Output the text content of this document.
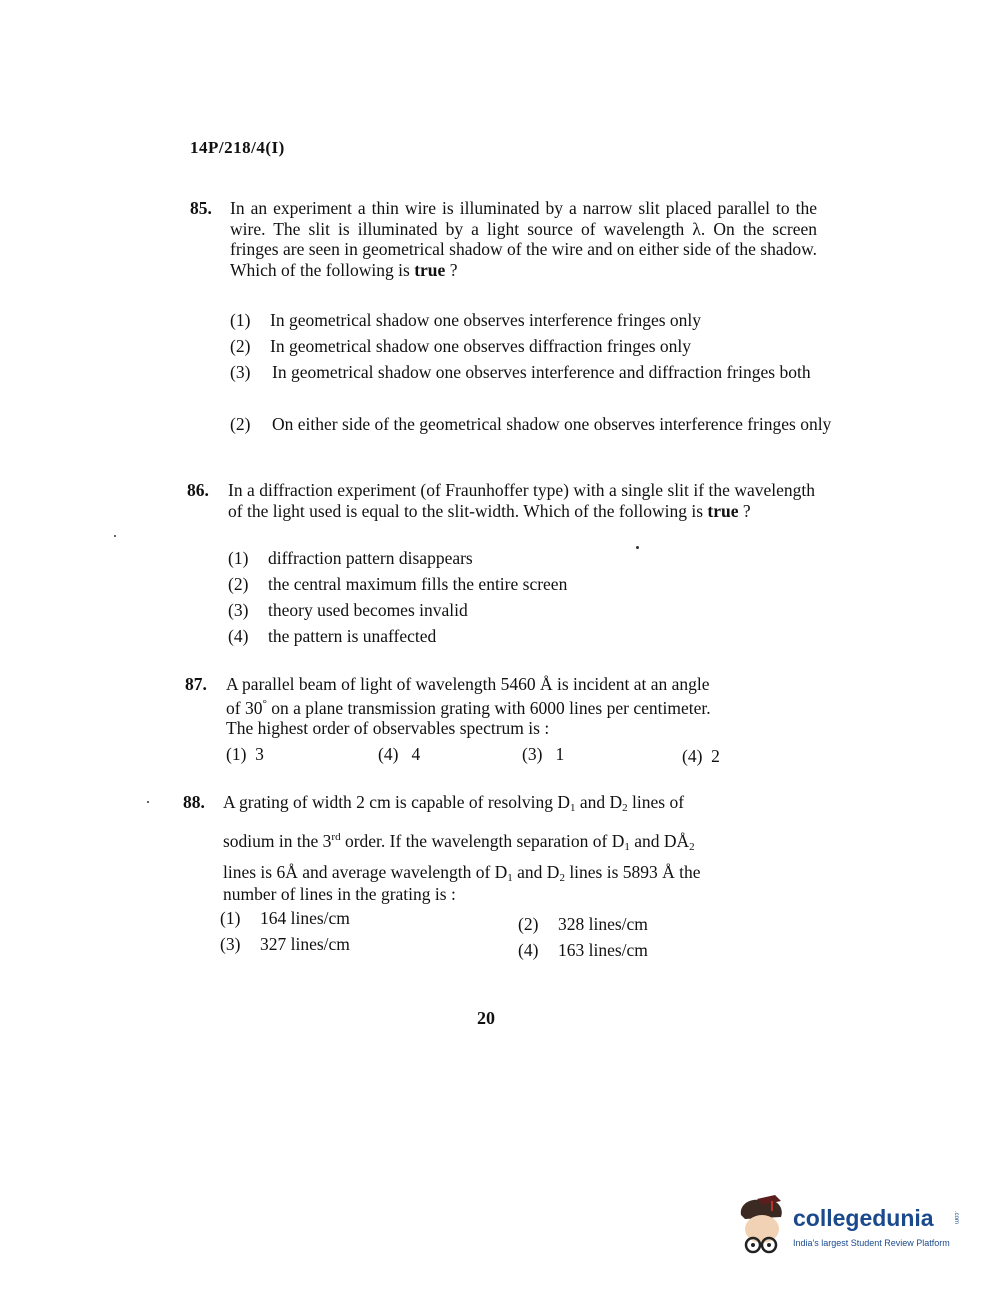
14P/218/4(I)
85. In an experiment a thin wire is illuminated by a narrow slit placed parallel to the wire. The slit is illuminated by a light source of wavelength λ. On the screen fringes are seen in geometrical shadow of the wire and on either side of the shadow. Which of the following is true ?
(1) In geometrical shadow one observes interference fringes only
(2) In geometrical shadow one observes diffraction fringes only
(3) In geometrical shadow one observes interference and diffraction fringes both
(2) On either side of the geometrical shadow one observes interference fringes only
86. In a diffraction experiment (of Fraunhoffer type) with a single slit if the wavelength of the light used is equal to the slit-width. Which of the following is true ?
(1) diffraction pattern disappears
(2) the central maximum fills the entire screen
(3) theory used becomes invalid
(4) the pattern is unaffected
87. A parallel beam of light of wavelength 5460 Å is incident at an angle
of 30° on a plane transmission grating with 6000 lines per centimeter.
The highest order of observables spectrum is :
(1) 3	(4) 4	(3) 1	(4) 2
88. A grating of width 2 cm is capable of resolving $D_1$ and $D_2$ lines of
sodium in the 3rd order. If the wavelength separation of $D_1$ and $DÅ_2$
lines is 6Å and average wavelength of $D_1$ and $D_2$ lines is 5893 Å the
number of lines in the grating is :
(1) 164 lines/cm	(2) 328 lines/cm
(3) 327 lines/cm	(4) 163 lines/cm
20
collegedunia	.com
India's largest Student Review Platform
